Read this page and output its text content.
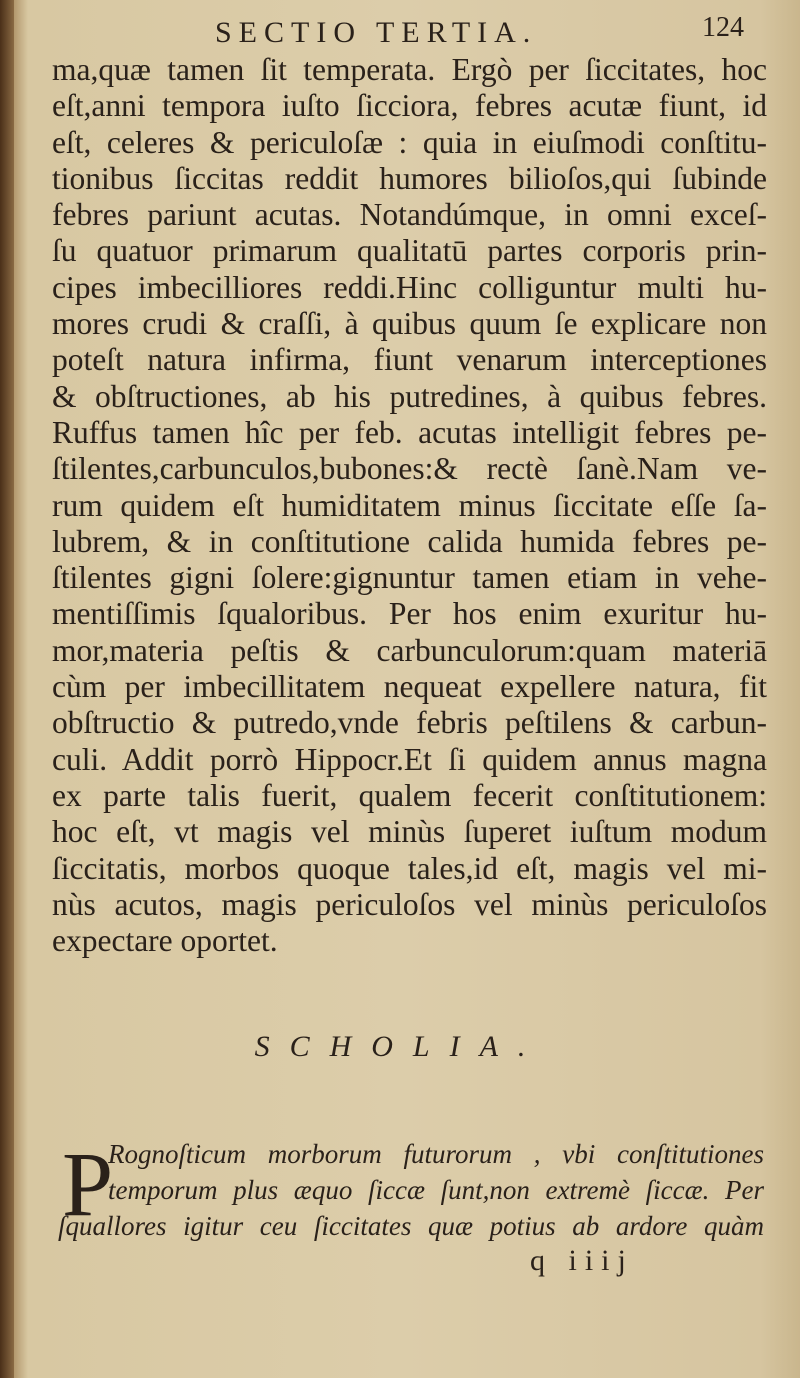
SECTIO TERTIA.	124
ma,quæ tamen ſit temperata. Ergò per ſiccitates, hoc
eſt,anni tempora iuſto ſicciora, febres acutæ fiunt, id
eſt, celeres & periculoſæ : quia in eiuſmodi conſtitu-
tionibus ſiccitas reddit humores bilioſos,qui ſubinde
febres pariunt acutas. Notandúmque, in omni exceſ-
ſu quatuor primarum qualitatū partes corporis prin-
cipes imbecilliores reddi.Hinc colliguntur multi hu-
mores crudi & craſſi, à quibus quum ſe explicare non
poteſt natura infirma, fiunt venarum interceptiones
& obſtructiones, ab his putredines, à quibus febres.
Ruffus tamen hîc per feb. acutas intelligit febres pe-
ſtilentes,carbunculos,bubones:& rectè ſanè.Nam ve-
rum quidem eſt humiditatem minus ſiccitate eſſe ſa-
lubrem, & in conſtitutione calida humida febres pe-
ſtilentes gigni ſolere:gignuntur tamen etiam in vehe-
mentiſſimis ſqualoribus. Per hos enim exuritur hu-
mor,materia peſtis & carbunculorum:quam materiā
cùm per imbecillitatem nequeat expellere natura, fit
obſtructio & putredo,vnde febris peſtilens & carbun-
culi. Addit porrò Hippocr.Et ſi quidem annus magna
ex parte talis fuerit, qualem fecerit conſtitutionem:
hoc eſt, vt magis vel minùs ſuperet iuſtum modum
ſiccitatis, morbos quoque tales,id eſt, magis vel mi-
nùs acutos, magis periculoſos vel minùs periculoſos
expectare oportet.
SCHOLIA.
P
Rognoſticum morborum futurorum , vbi conſtitutiones
temporum plus æquo ſiccæ ſunt,non extremè ſiccæ. Per
ſquallores igitur ceu ſiccitates quæ potius ab ardore quàm
q iiij
